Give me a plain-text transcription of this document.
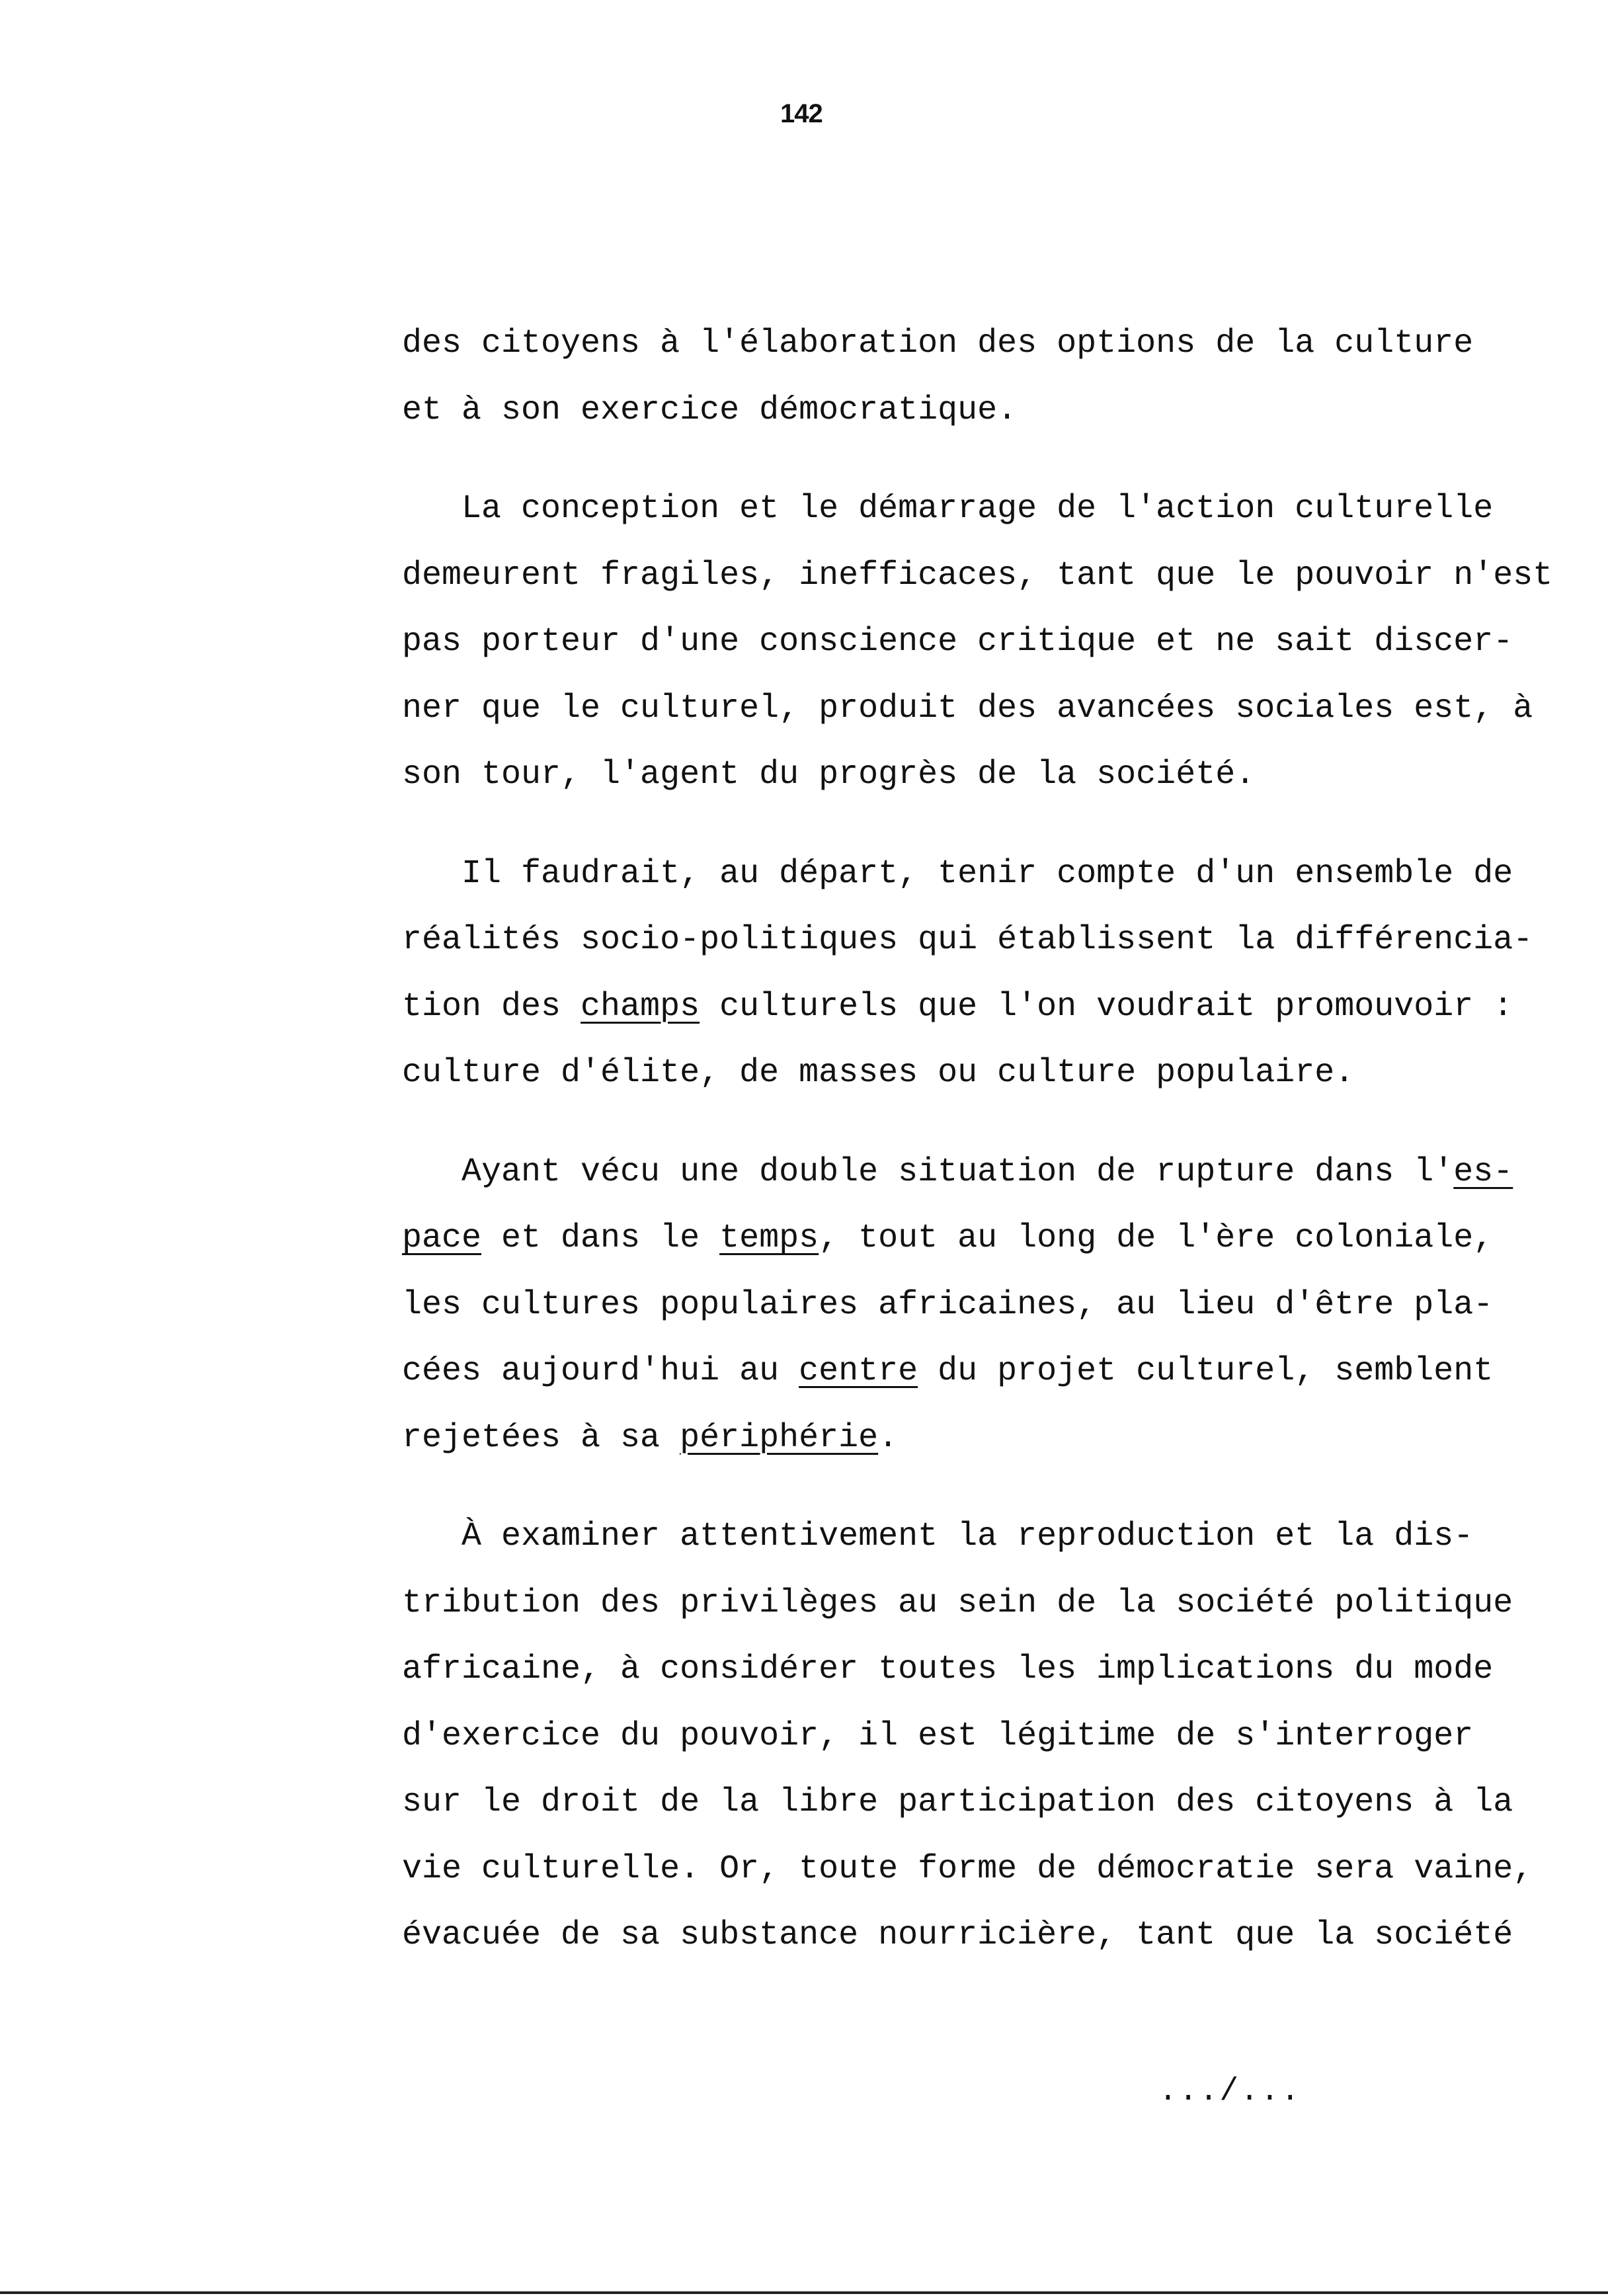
142
des citoyens à l'élaboration des options de la culture
et à son exercice démocratique.
La conception et le démarrage de l'action culturelle
demeurent fragiles, inefficaces, tant que le pouvoir n'est
pas porteur d'une conscience critique et ne sait discer-
ner que le culturel, produit des avancées sociales est, à
son tour, l'agent du progrès de la société.
Il faudrait, au départ, tenir compte d'un ensemble de
réalités socio-politiques qui établissent la différencia-
tion des champs culturels que l'on voudrait promouvoir :
culture d'élite, de masses ou culture populaire.
Ayant vécu une double situation de rupture dans l'es-
pace et dans le temps, tout au long de l'ère coloniale,
les cultures populaires africaines, au lieu d'être pla-
cées aujourd'hui au centre du projet culturel, semblent
rejetées à sa périphérie.
À examiner attentivement la reproduction et la dis-
tribution des privilèges au sein de la société politique
africaine, à considérer toutes les implications du mode
d'exercice du pouvoir, il est légitime de s'interroger
sur le droit de la libre participation des citoyens à la
vie culturelle. Or, toute forme de démocratie sera vaine,
évacuée de sa substance nourricière, tant que la société
.../...
